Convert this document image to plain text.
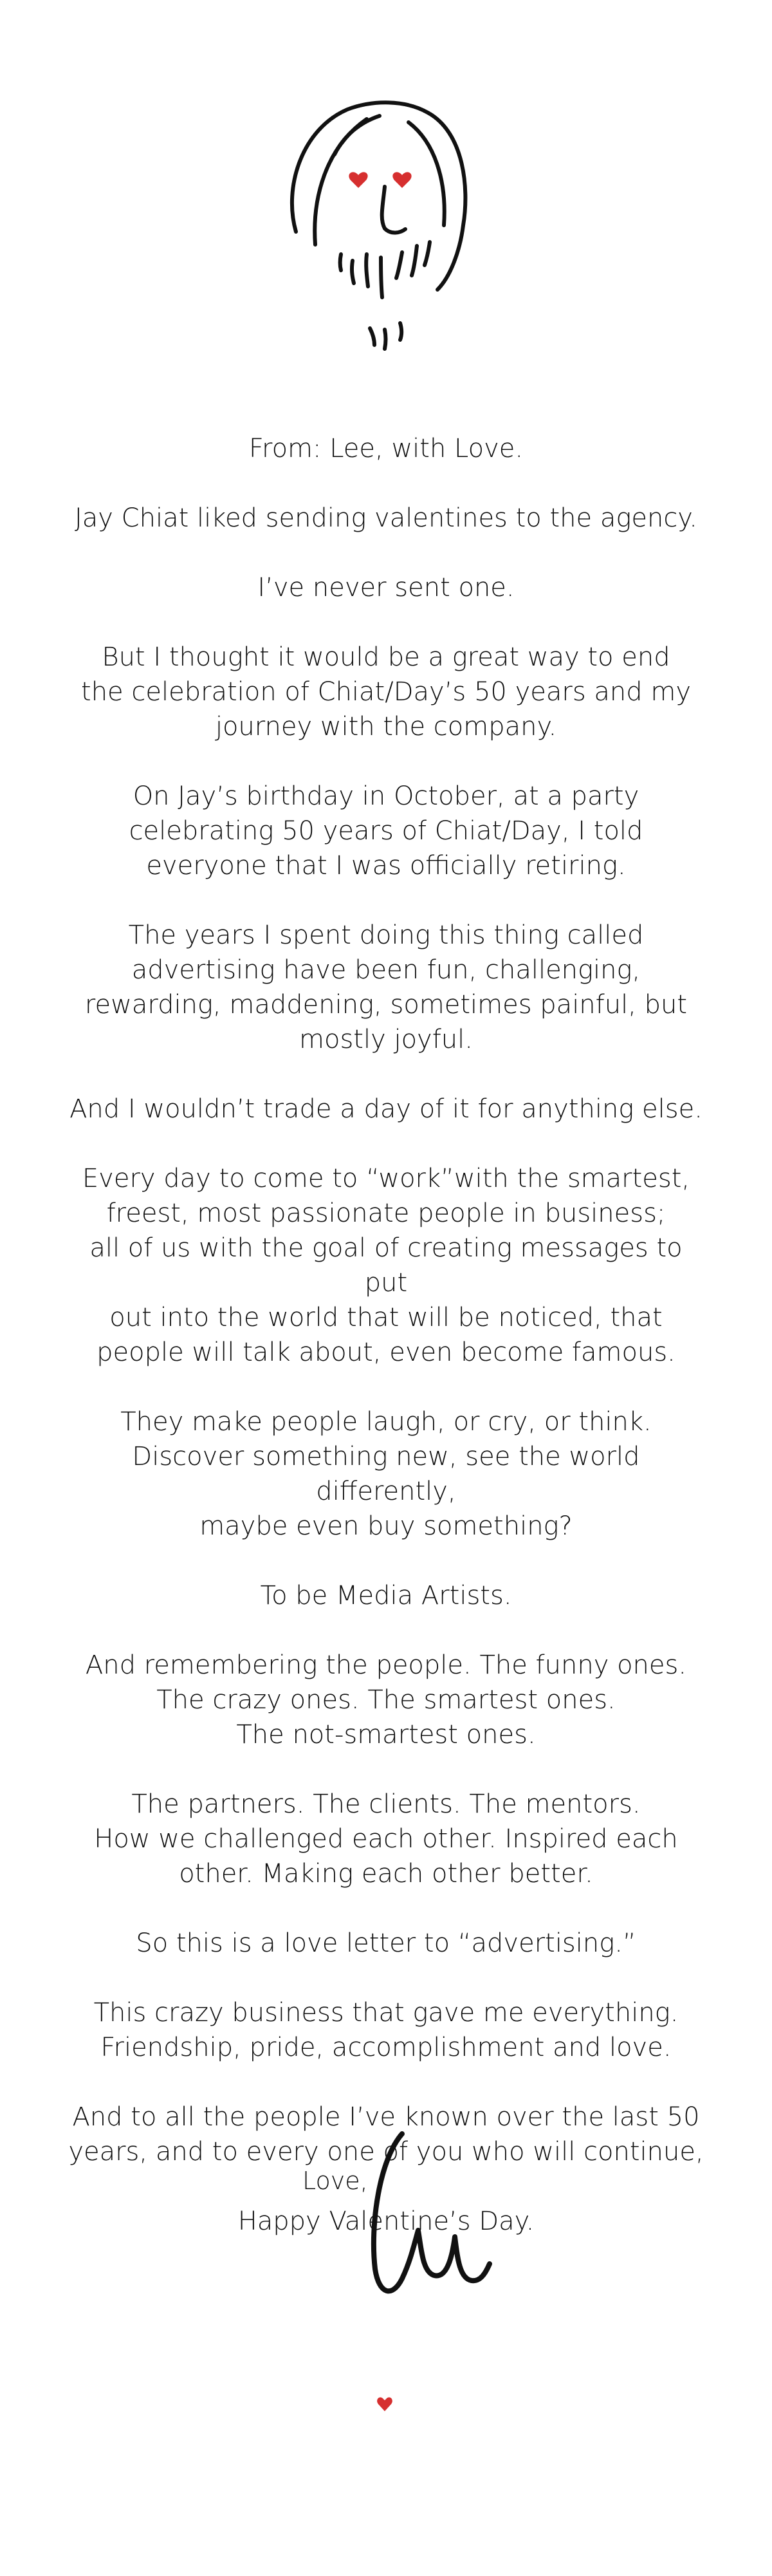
From: Lee, with Love.

Jay Chiat liked sending valentines to the agency.

I’ve never sent one.

But I thought it would be a great way to end
the celebration of Chiat/Day’s 50 years and my
journey with the company.

On Jay’s birthday in October, at a party
celebrating 50 years of Chiat/Day, I told
everyone that I was officially retiring.

The years I spent doing this thing called
advertising have been fun, challenging,
rewarding, maddening, sometimes painful, but
mostly joyful.

And I wouldn’t trade a day of it for anything else.

Every day to come to “work”with the smartest,
freest, most passionate people in business;
all of us with the goal of creating messages to put
out into the world that will be noticed, that
people will talk about, even become famous.

They make people laugh, or cry, or think.
Discover something new, see the world differently,
maybe even buy something?

To be Media Artists.

And remembering the people. The funny ones.
The crazy ones. The smartest ones.
The not-smartest ones.

The partners. The clients. The mentors.
How we challenged each other. Inspired each
other. Making each other better.

So this is a love letter to “advertising.”

This crazy business that gave me everything.
Friendship, pride, accomplishment and love.

And to all the people I’ve known over the last 50
years, and to every one of you who will continue,

Happy Valentine’s Day.

Love,
